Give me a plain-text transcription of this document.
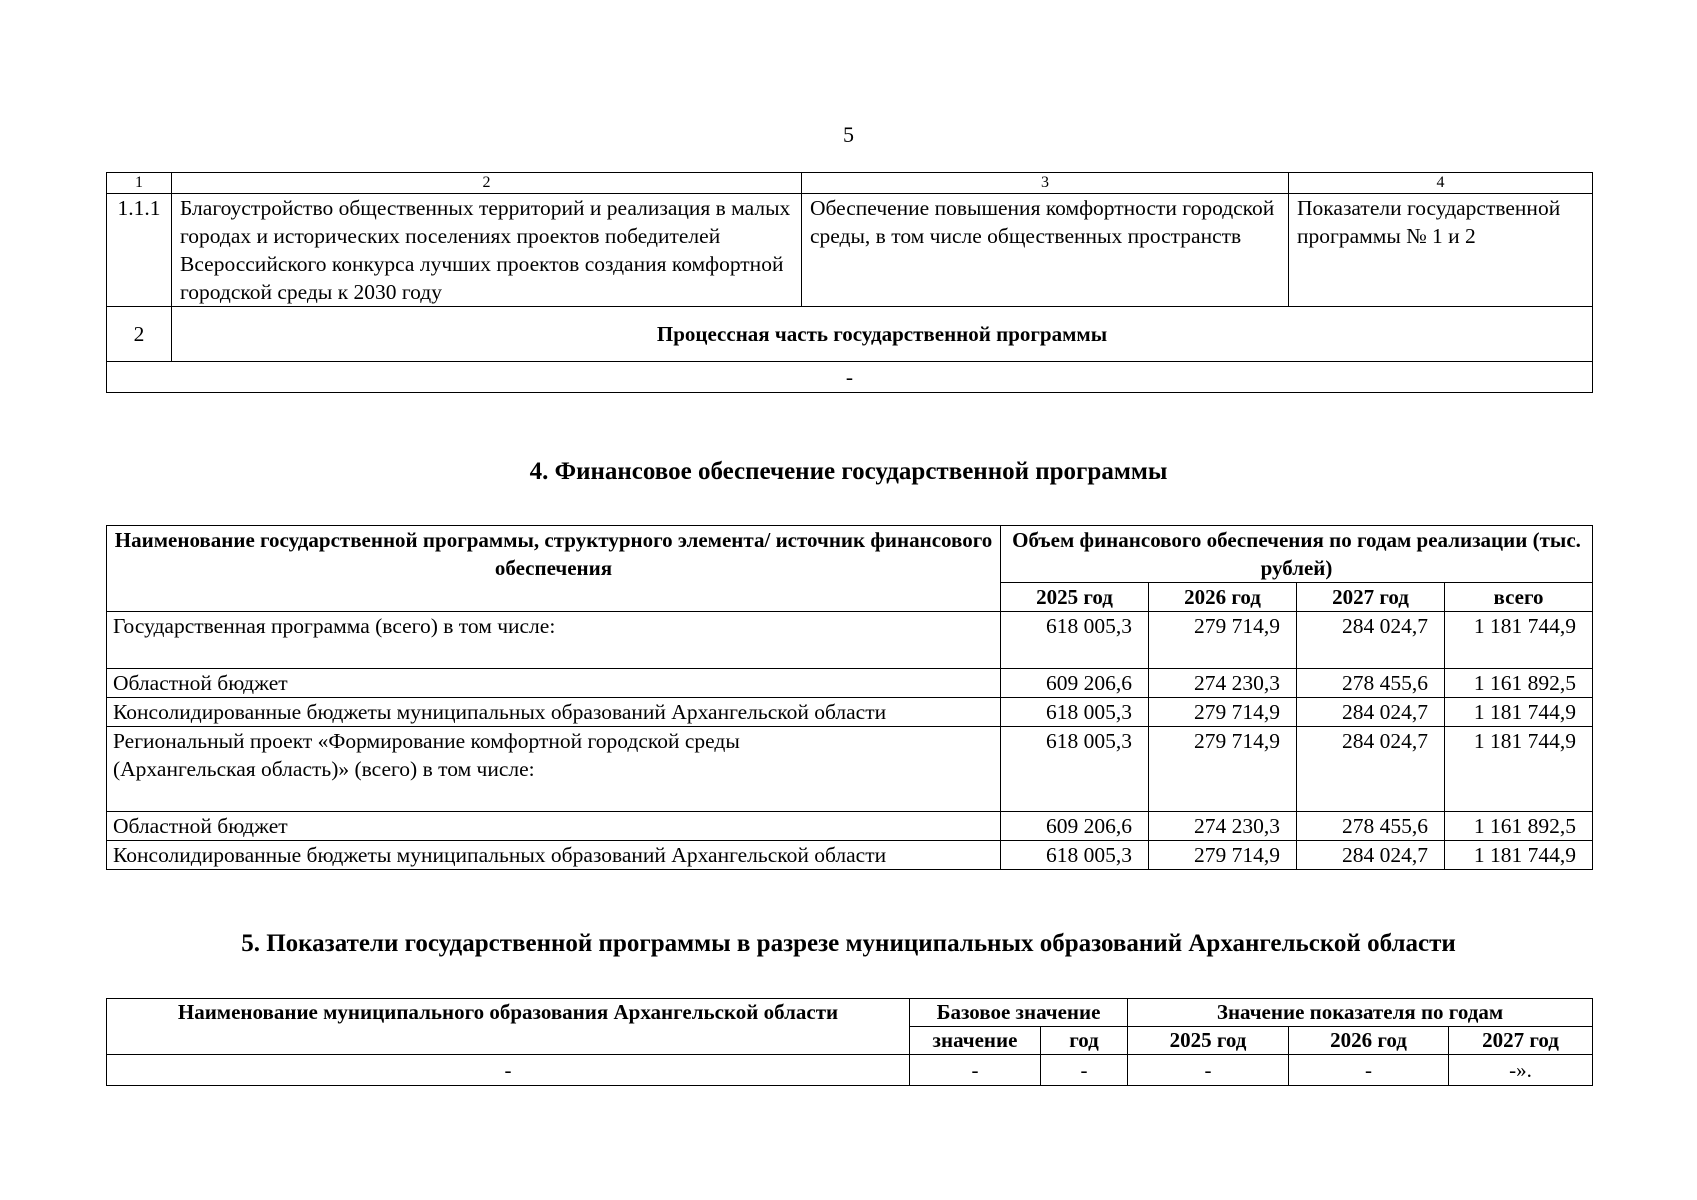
5
1	2	3	4
1.1.1	Благоустройство общественных территорий и реализация в малых городах и исторических поселениях проектов победителей Всероссийского конкурса лучших проектов создания комфортной городской среды к 2030 году	Обеспечение повышения комфортности городской среды, в том числе общественных пространств	Показатели государственной программы № 1 и 2
2	Процессная часть государственной программы		
-			
4. Финансовое обеспечение государственной программы
Наименование государственной программы, структурного элемента/ источник финансового обеспечения	Объем финансового обеспечения по годам реализации (тыс. рублей)			
	2025 год	2026 год	2027 год	всего
Государственная программа (всего) в том числе:	618 005,3	279 714,9	284 024,7	1 181 744,9
Областной бюджет	609 206,6	274 230,3	278 455,6	1 161 892,5
Консолидированные бюджеты муниципальных образований Архангельской области	618 005,3	279 714,9	284 024,7	1 181 744,9
Региональный проект «Формирование комфортной городской среды (Архангельская область)» (всего) в том числе:	618 005,3	279 714,9	284 024,7	1 181 744,9
Областной бюджет	609 206,6	274 230,3	278 455,6	1 161 892,5
Консолидированные бюджеты муниципальных образований Архангельской области	618 005,3	279 714,9	284 024,7	1 181 744,9
5. Показатели государственной программы в разрезе муниципальных образований Архангельской области
Наименование муниципального образования Архангельской области	Базовое значение		Значение показателя по годам		
	значение	год	2025 год	2026 год	2027 год
-	-	-	-	-	-».
